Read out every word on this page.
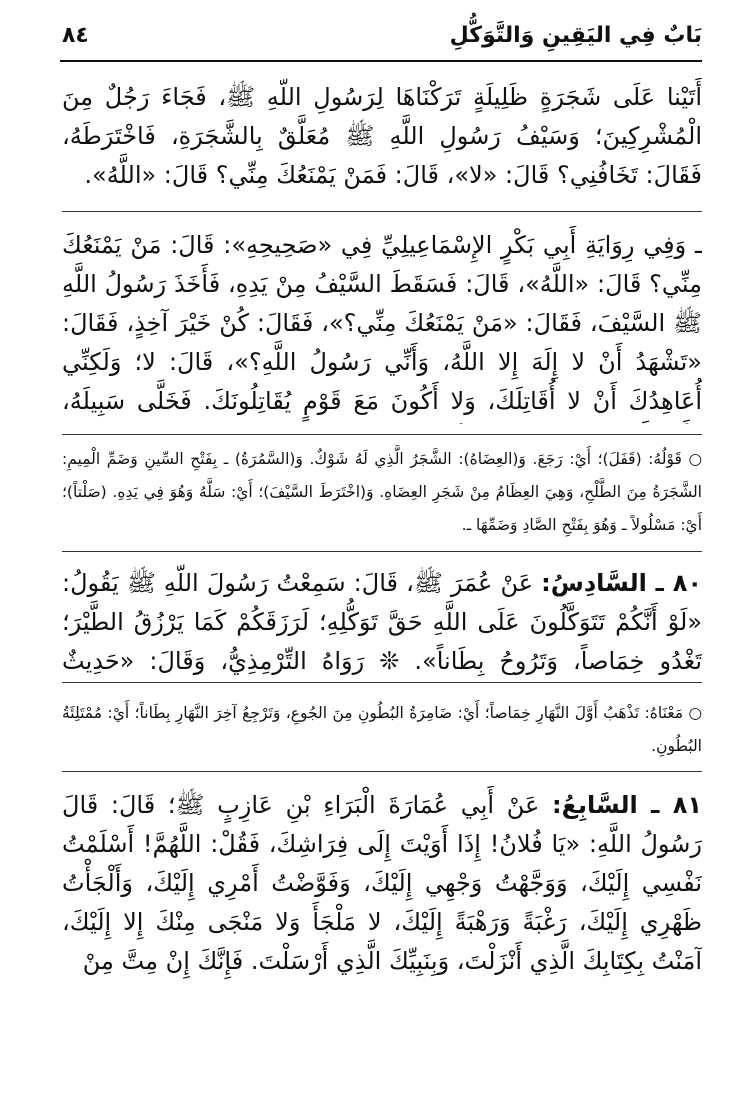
بَابٌ فِي اليَقِينِ وَالتَّوَكُّلِ
٨٤

أَتَيْنا عَلَى شَجَرَةٍ ظَلِيلَةٍ تَرَكْنَاهَا لِرَسُولِ اللَّهِ ﷺ، فَجَاءَ رَجُلٌ مِنَ الْمُشْرِكِينَ؛ وَسَيْفُ رَسُولِ اللَّهِ ﷺ مُعَلَّقٌ بِالشَّجَرَةِ، فَاخْتَرَطَهُ، فَقَالَ: تَخَافُنِي؟ قَالَ: «لا»، قَالَ: فَمَنْ يَمْنَعُكَ مِنِّي؟ قَالَ: «اللَّهُ».

ـ وَفِي رِوَايَةِ أَبِي بَكْرٍ الإِسْمَاعِيلِيِّ فِي «صَحِيحِهِ»: قَالَ: مَنْ يَمْنَعُكَ مِنِّي؟ قَالَ: «اللَّهُ»، قَالَ: فَسَقَطَ السَّيْفُ مِنْ يَدِهِ، فَأَخَذَ رَسُولُ اللَّهِ ﷺ السَّيْفَ، فَقَالَ: «مَنْ يَمْنَعُكَ مِنِّي؟»، فَقَالَ: كُنْ خَيْرَ آخِذٍ، فَقَالَ: «تَشْهَدُ أَنْ لا إِلَهَ إِلا اللَّهُ، وَأَنِّي رَسُولُ اللَّهِ؟»، قَالَ: لا؛ وَلَكِنِّي أُعَاهِدُكَ أَنْ لا أُقَاتِلَكَ، وَلا أَكُونَ مَعَ قَوْمٍ يُقَاتِلُونَكَ. فَخَلَّى سَبِيلَهُ،

○ قَوْلُهُ: (قَفَلَ)؛ أَيْ: رَجَعَ. وَ(العِضَاهُ): الشَّجَرُ الَّذِي لَهُ شَوْكٌ. وَ(السَّمُرَةُ) ـ بِفَتْحِ السِّينِ وَضَمِّ الْمِيمِ: الشَّجَرَةُ مِنَ الطَّلْحِ، وَهِيَ العِظَامُ مِنْ شَجَرِ العِضَاهِ. وَ(اخْتَرَطَ السَّيْفَ)؛ أَيْ: سَلَّهُ وَهُوَ فِي يَدِهِ. (صَلْتاً)؛ أَيْ: مَسْلُولاً ـ وَهُوَ بِفَتْحِ الصَّادِ وَضَمِّهَا ـ.

٨٠ ـ السَّادِسُ: عَنْ عُمَرَ ﷺ، قَالَ: سَمِعْتُ رَسُولَ اللَّهِ ﷺ يَقُولُ: «لَوْ أَنَّكُمْ تَتَوَكَّلُونَ عَلَى اللَّهِ حَقَّ تَوَكُّلِهِ؛ لَرَزَقَكُمْ كَمَا يَرْزُقُ الطَّيْرَ؛ تَغْدُو خِمَاصاً، وَتَرُوحُ بِطَاناً». ❊ رَوَاهُ التِّرْمِذِيُّ، وَقَالَ: «حَدِيثٌ

○ مَعْنَاهُ: تَذْهَبُ أَوَّلَ النَّهَارِ خِمَاصاً؛ أَيْ: ضَامِرَةُ البُطُونِ مِنَ الجُوعِ، وَتَرْجِعُ آخِرَ النَّهَارِ بِطَاناً؛ أَيْ: مُمْتَلِئَةُ البُطُونِ.

٨١ ـ السَّابِعُ: عَنْ أَبِي عُمَارَةَ الْبَرَاءِ بْنِ عَازِبٍ ﷺ؛ قَالَ: قَالَ رَسُولُ اللَّهِ: «يَا فُلانُ! إِذَا أَوَيْتَ إِلَى فِرَاشِكَ، فَقُلْ: اللَّهُمَّ! أَسْلَمْتُ نَفْسِي إِلَيْكَ، وَوَجَّهْتُ وَجْهِي إِلَيْكَ، وَفَوَّضْتُ أَمْرِي إِلَيْكَ، وَأَلْجَأْتُ ظَهْرِي إِلَيْكَ، رَغْبَةً وَرَهْبَةً إِلَيْكَ، لا مَلْجَأَ وَلا مَنْجَى مِنْكَ إِلا إِلَيْكَ، آمَنْتُ بِكِتَابِكَ الَّذِي أَنْزَلْتَ، وَبِنَبِيِّكَ الَّذِي أَرْسَلْتَ. فَإِنَّكَ إِنْ مِتَّ مِنْ
